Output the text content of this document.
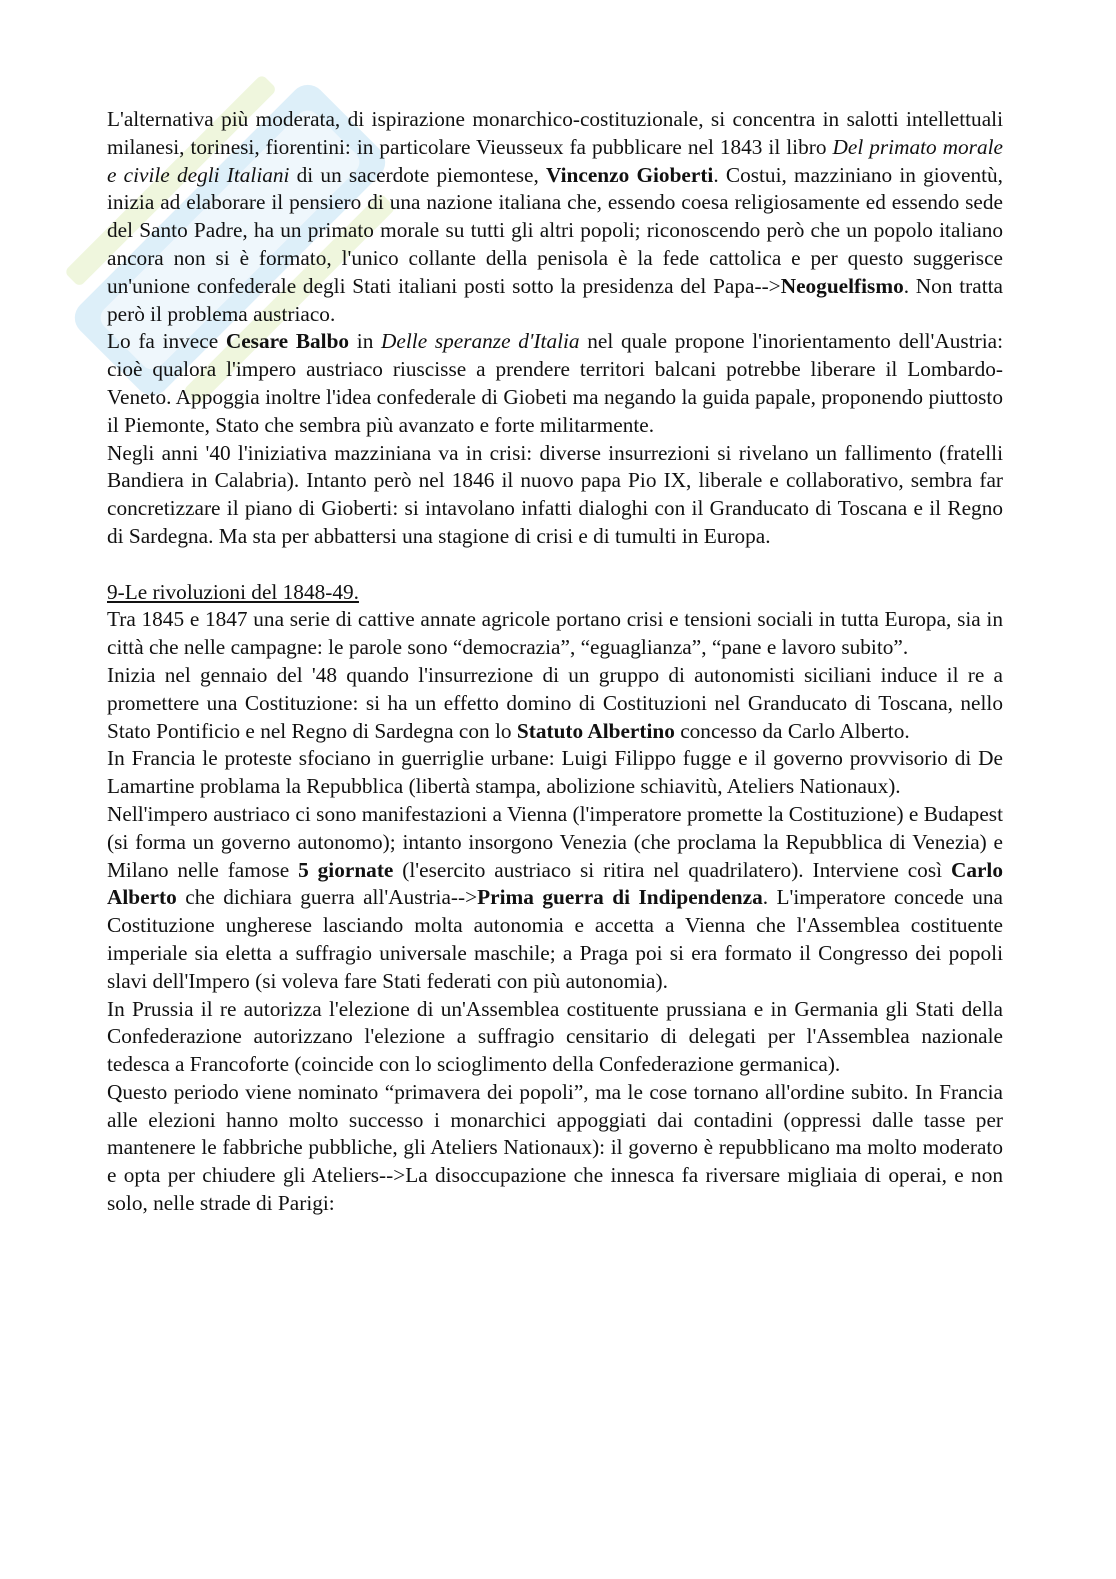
L'alternativa più moderata, di ispirazione monarchico-costituzionale, si concentra in salotti intellettuali milanesi, torinesi, fiorentini: in particolare Vieusseux fa pubblicare nel 1843 il libro Del primato morale e civile degli Italiani di un sacerdote piemontese, Vincenzo Gioberti. Costui, mazziniano in gioventù, inizia ad elaborare il pensiero di una nazione italiana che, essendo coesa religiosamente ed essendo sede del Santo Padre, ha un primato morale su tutti gli altri popoli; riconoscendo però che un popolo italiano ancora non si è formato, l'unico collante della penisola è la fede cattolica e per questo suggerisce un'unione confederale degli Stati italiani posti sotto la presidenza del Papa-->Neoguelfismo. Non tratta però il problema austriaco.

Lo fa invece Cesare Balbo in Delle speranze d'Italia nel quale propone l'inorientamento dell'Austria: cioè qualora l'impero austriaco riuscisse a prendere territori balcani potrebbe liberare il Lombardo-Veneto. Appoggia inoltre l'idea confederale di Giobeti ma negando la guida papale, proponendo piuttosto il Piemonte, Stato che sembra più avanzato e forte militarmente.

Negli anni '40 l'iniziativa mazziniana va in crisi: diverse insurrezioni si rivelano un fallimento (fratelli Bandiera in Calabria). Intanto però nel 1846 il nuovo papa Pio IX, liberale e collaborativo, sembra far concretizzare il piano di Gioberti: si intavolano infatti dialoghi con il Granducato di Toscana e il Regno di Sardegna. Ma sta per abbattersi una stagione di crisi e di tumulti in Europa.

9-Le rivoluzioni del 1848-49.

Tra 1845 e 1847 una serie di cattive annate agricole portano crisi e tensioni sociali in tutta Europa, sia in città che nelle campagne: le parole sono “democrazia”, “eguaglianza”, “pane e lavoro subito”.

Inizia nel gennaio del '48 quando l'insurrezione di un gruppo di autonomisti siciliani induce il re a promettere una Costituzione: si ha un effetto domino di Costituzioni nel Granducato di Toscana, nello Stato Pontificio e nel Regno di Sardegna con lo Statuto Albertino concesso da Carlo Alberto.

In Francia le proteste sfociano in guerriglie urbane: Luigi Filippo fugge e il governo provvisorio di De Lamartine problama la Repubblica (libertà stampa, abolizione schiavitù, Ateliers Nationaux).

Nell'impero austriaco ci sono manifestazioni a Vienna (l'imperatore promette la Costituzione) e Budapest (si forma un governo autonomo); intanto insorgono Venezia (che proclama la Repubblica di Venezia) e Milano nelle famose 5 giornate (l'esercito austriaco si ritira nel quadrilatero). Interviene così Carlo Alberto che dichiara guerra all'Austria-->Prima guerra di Indipendenza. L'imperatore concede una Costituzione ungherese lasciando molta autonomia e accetta a Vienna che l'Assemblea costituente imperiale sia eletta a suffragio universale maschile; a Praga poi si era formato il Congresso dei popoli slavi dell'Impero (si voleva fare Stati federati con più autonomia).

In Prussia il re autorizza l'elezione di un'Assemblea costituente prussiana e in Germania gli Stati della Confederazione autorizzano l'elezione a suffragio censitario di delegati per l'Assemblea nazionale tedesca a Francoforte (coincide con lo scioglimento della Confederazione germanica).

Questo periodo viene nominato “primavera dei popoli”, ma le cose tornano all'ordine subito. In Francia alle elezioni hanno molto successo i monarchici appoggiati dai contadini (oppressi dalle tasse per mantenere le fabbriche pubbliche, gli Ateliers Nationaux): il governo è repubblicano ma molto moderato e opta per chiudere gli Ateliers-->La disoccupazione che innesca fa riversare migliaia di operai, e non solo, nelle strade di Parigi:
